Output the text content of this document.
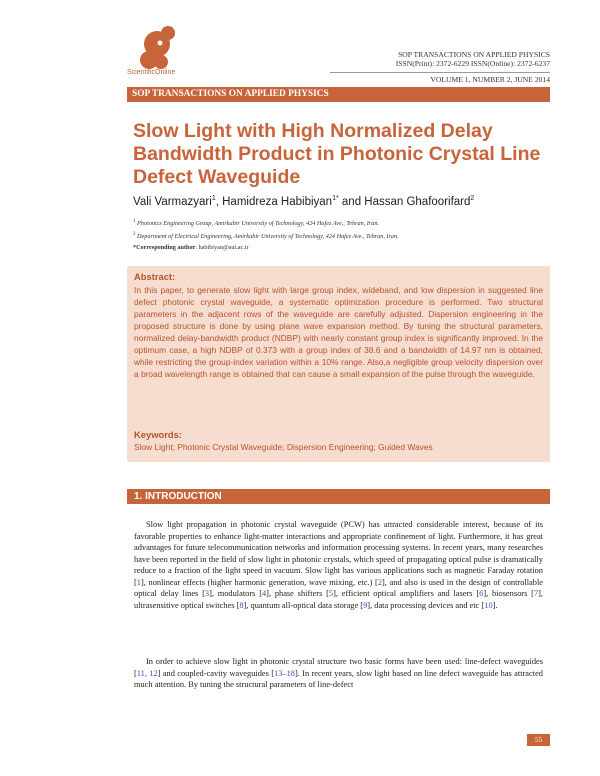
ScientificOnline
SOP TRANSACTIONS ON APPLIED PHYSICS
ISSN(Print): 2372-6229 ISSN(Online): 2372-6237
VOLUME 1, NUMBER 2, JUNE 2014
SOP TRANSACTIONS ON APPLIED PHYSICS
Slow Light with High Normalized Delay Bandwidth Product in Photonic Crystal Line Defect Waveguide
Vali Varmazyari$^1$, Hamidreza Habibiyan$^{1*}$ and Hassan Ghafoorifard$^2$
$^1$ Photonics Engineering Group, Amirkabir University of Technology, 424 Hafez Ave., Tehran, Iran.
$^2$ Department of Electrical Engineering, Amirkabir University of Technology, 424 Hafez Ave., Tehran, Iran.
*Corresponding author: habibiyan@aut.ac.ir
Abstract:

In this paper, to generate slow light with large group index, wideband, and low dispersion in suggested line defect photonic crystal waveguide, a systematic optimization procedure is performed. Two structural parameters in the adjacent rows of the waveguide are carefully adjusted. Dispersion engineering in the proposed structure is done by using plane wave expansion method. By tuning the structural parameters, normalized delay-bandwidth product (NDBP) with nearly constant group index is significantly improved. In the optimum case, a high NDBP of 0.373 with a group index of 38.6 and a bandwidth of 14.97 nm is obtained, while restricting the group-index variation within a 10% range. Also,a negligible group velocity dispersion over a broad wavelength range is obtained that can cause a small expansion of the pulse through the waveguide.

Keywords:
Slow Light; Photonic Crystal Waveguide; Dispersion Engineering; Guided Waves
1. INTRODUCTION

Slow light propagation in photonic crystal waveguide (PCW) has attracted considerable interest, because of its favorable properties to enhance light-matter interactions and appropriate confinement of light. Furthermore, it has great advantages for future telecommunication networks and information processing systems. In recent years, many researches have been reported in the field of slow light in photonic crystals, which speed of propagating optical pulse is dramatically reduce to a fraction of the light speed in vacuum. Slow light has various applications such as magnetic Faraday rotation [1], nonlinear effects (higher harmonic generation, wave mixing, etc.) [2], and also is used in the design of controllable optical delay lines [3], modulators [4], phase shifters [5], efficient optical amplifiers and lasers [6], biosensors [7], ultrasensitive optical switches [8], quantum all-optical data storage [9], data processing devices and etc [10].

In order to achieve slow light in photonic crystal structure two basic forms have been used: line-defect waveguides [11, 12] and coupled-cavity waveguides [13–18]. In recent years, slow light based on line defect waveguide has attracted much attention. By tuning the structural parameters of line-defect

55
